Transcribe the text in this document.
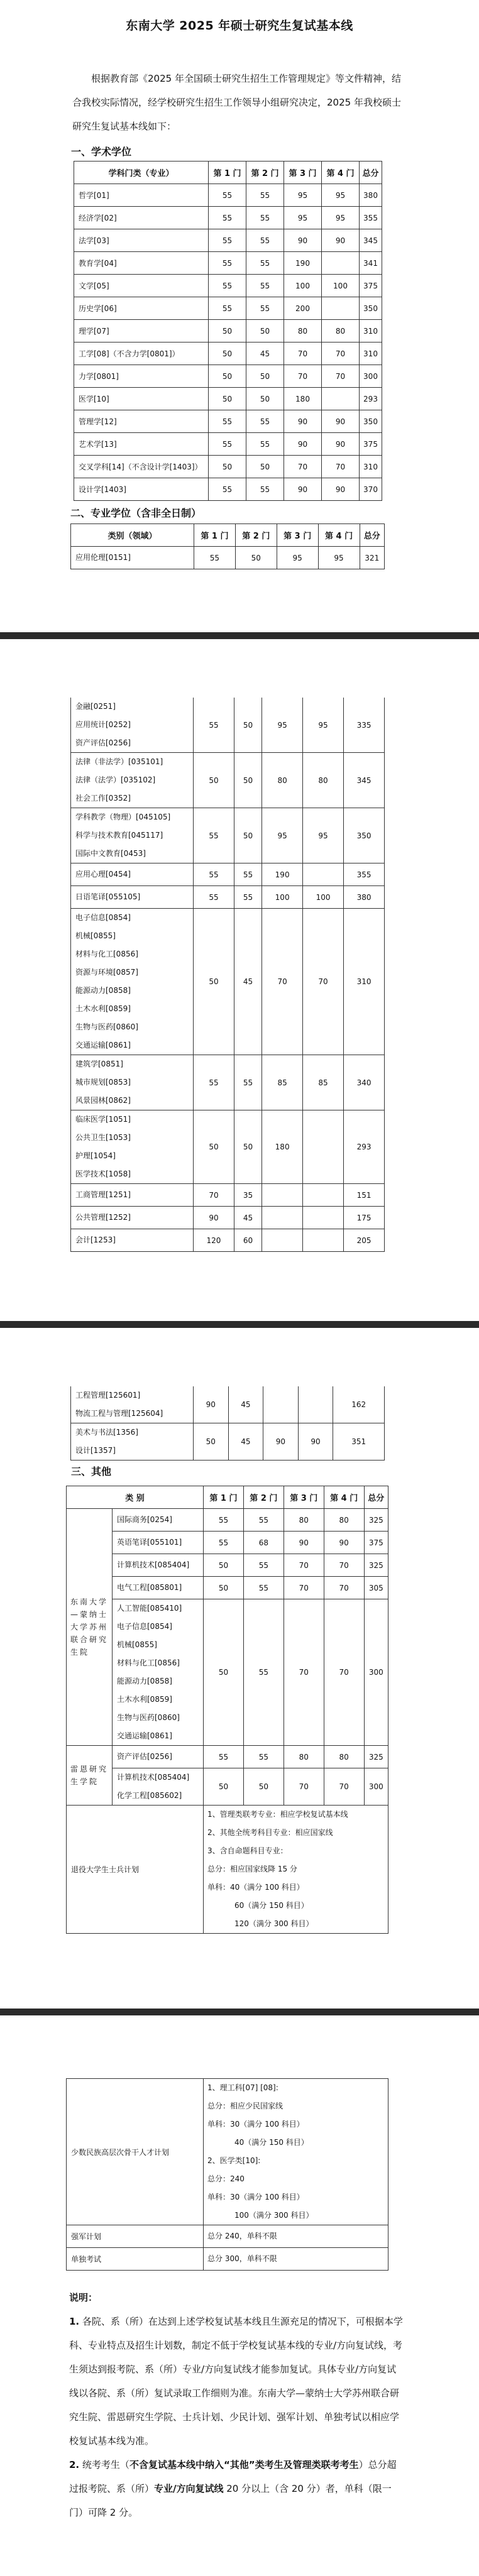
东南大学 2025 年硕士研究生复试基本线
根据教育部《2025 年全国硕士研究生招生工作管理规定》等文件精神，结合我校实际情况，经学校研究生招生工作领导小组研究决定，2025 年我校硕士研究生复试基本线如下：
一、学术学位
学科门类（专业）	第 1 门	第 2 门	第 3 门	第 4 门	总分
哲学[01]	55	55	95	95	380
经济学[02]	55	55	95	95	355
法学[03]	55	55	90	90	345
教育学[04]	55	55	190		341
文学[05]	55	55	100	100	375
历史学[06]	55	55	200		350
理学[07]	50	50	80	80	310
工学[08]（不含力学[0801]）	50	45	70	70	310
力学[0801]	50	50	70	70	300
医学[10]	50	50	180		293
管理学[12]	55	55	90	90	350
艺术学[13]	55	55	90	90	375
交叉学科[14]（不含设计学[1403]）	50	50	70	70	310
设计学[1403]	55	55	90	90	370
二、专业学位（含非全日制）
类别（领域）	第 1 门	第 2 门	第 3 门	第 4 门	总分

应用伦理[0151]	55	50	95	95	321
金融[0251]
应用统计[0252]
资产评估[0256]	55	50	95	95	335

法律（非法学）[035101]
法律（法学）[035102]
社会工作[0352]	50	50	80	80	345

学科教学（物理）[045105]
科学与技术教育[045117]
国际中文教育[0453]	55	50	95	95	350

应用心理[0454]	55	55	190		355

日语笔译[055105]	55	55	100	100	380

电子信息[0854]
机械[0855]
材料与化工[0856]
资源与环境[0857]
能源动力[0858]
土木水利[0859]
生物与医药[0860]
交通运输[0861]
	50	45	70	70	310

建筑学[0851]
城市规划[0853]
风景园林[0862]	55	55	85	85	340

临床医学[1051]
公共卫生[1053]
护理[1054]
医学技术[1058]	50	50	180		293

工商管理[1251]	70	35			151

公共管理[1252]	90	45			175

会计[1253]	120	60			205
工程管理[125601]
物流工程与管理[125604]	90	45			162

美术与书法[1356]
设计[1357]	50	45	90	90	351
三、其他
类 别		第 1 门	第 2 门	第 3 门	第 4 门	总分
东南大学—蒙纳士大学苏州联合研究生院	国际商务[0254]	55	55	80	80	325

	英语笔译[055101]	55	68	90	90	375

	计算机技术[085404]	50	55	70	70	325

	电气工程[085801]	50	55	70	70	305

人工智能[085410]
电子信息[0854]
机械[0855]
材料与化工[0856]
能源动力[0858]
土木水利[0859]
生物与医药[0860]
交通运输[0861]
	50	55	70	70	300
雷恩研究生学院	资产评估[0256]	55	55	80	80	325

	计算机技术[085404]
化学工程[085602]	50	50	70	70	300
退役大学生士兵计划	
1、管理类联考专业：相应学校复试基本线
2、其他全统考科目专业：相应国家线
3、含自命题科目专业：
总分：相应国家线降 15 分
单科：40（满分 100 科目）
60（满分 150 科目）
120（满分 300 科目）
少数民族高层次骨干人才计划	
1、理工科[07] [08]:
总分：相应少民国家线
单科：30（满分 100 科目）
40（满分 150 科目）
2、医学类[10]:
总分：240
单科：30（满分 100 科目）
100（满分 300 科目）

强军计划	总分 240，单科不限

单独考试	总分 300，单科不限
说明：
1. 各院、系（所）在达到上述学校复试基本线且生源充足的情况下，可根据本学科、专业特点及招生计划数，制定不低于学校复试基本线的专业/方向复试线，考生须达到报考院、系（所）专业/方向复试线才能参加复试。具体专业/方向复试线以各院、系（所）复试录取工作细则为准。东南大学—蒙纳士大学苏州联合研究生院、雷恩研究生学院、士兵计划、少民计划、强军计划、单独考试以相应学校复试基本线为准。
2. 统考考生（不含复试基本线中纳入“其他”类考生及管理类联考考生）总分超过报考院、系（所）专业/方向复试线 20 分以上（含 20 分）者，单科（限一门）可降 2 分。
